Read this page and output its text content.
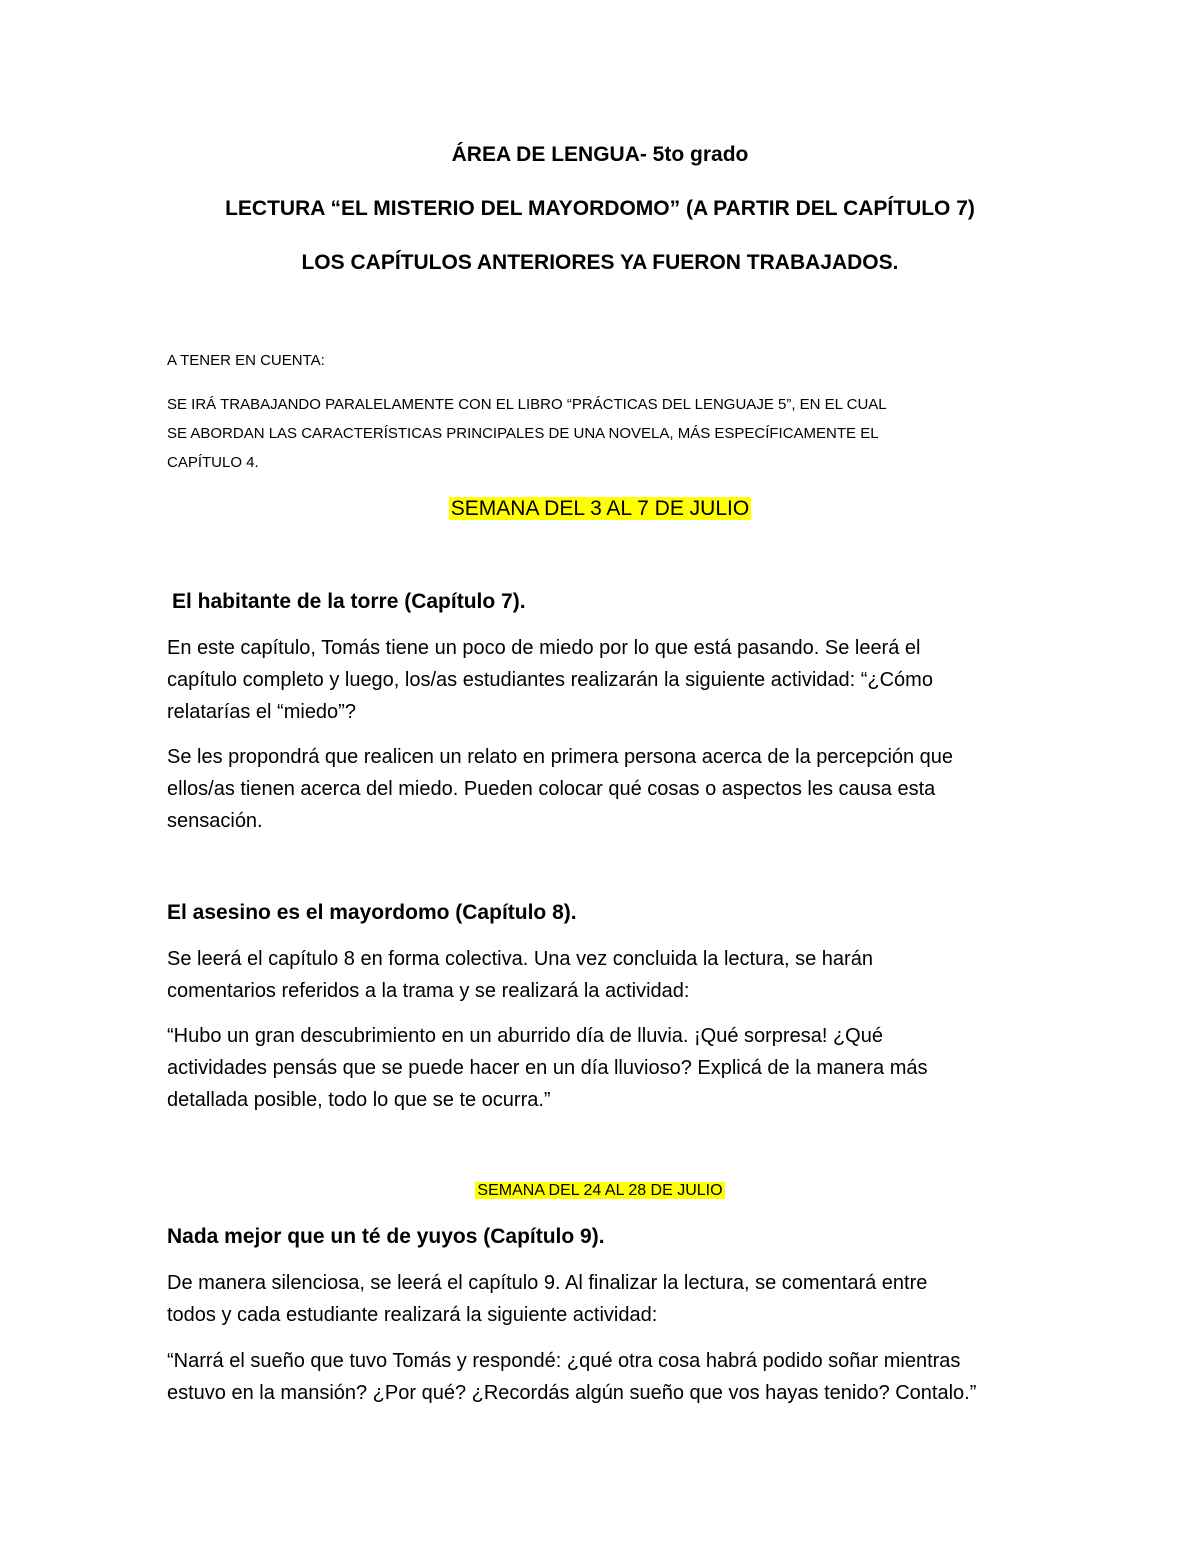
ÁREA DE LENGUA- 5to grado

LECTURA “EL MISTERIO DEL MAYORDOMO” (A PARTIR DEL CAPÍTULO 7)

LOS CAPÍTULOS ANTERIORES YA FUERON TRABAJADOS.

A TENER EN CUENTA:

SE IRÁ TRABAJANDO PARALELAMENTE CON EL LIBRO “PRÁCTICAS DEL LENGUAJE 5”, EN EL CUAL

SE ABORDAN LAS CARACTERÍSTICAS PRINCIPALES DE UNA NOVELA, MÁS ESPECÍFICAMENTE EL

CAPÍTULO 4.

SEMANA DEL 3 AL 7 DE JULIO

El habitante de la torre (Capítulo 7).

En este capítulo, Tomás tiene un poco de miedo por lo que está pasando. Se leerá el

capítulo completo y luego, los/as estudiantes realizarán la siguiente actividad: “¿Cómo

relatarías el “miedo”?

Se les propondrá que realicen un relato en primera persona acerca de la percepción que

ellos/as tienen acerca del miedo. Pueden colocar qué cosas o aspectos les causa esta

sensación.

El asesino es el mayordomo (Capítulo 8).

Se leerá el capítulo 8 en forma colectiva. Una vez concluida la lectura, se harán

comentarios referidos a la trama y se realizará la actividad:

“Hubo un gran descubrimiento en un aburrido día de lluvia. ¡Qué sorpresa! ¿Qué

actividades pensás que se puede hacer en un día lluvioso? Explicá de la manera más

detallada posible, todo lo que se te ocurra.”

SEMANA DEL 24 AL 28 DE JULIO

Nada mejor que un té de yuyos (Capítulo 9).

De manera silenciosa, se leerá el capítulo 9. Al finalizar la lectura, se comentará entre

todos y cada estudiante realizará la siguiente actividad:

“Narrá el sueño que tuvo Tomás y respondé: ¿qué otra cosa habrá podido soñar mientras

estuvo en la mansión? ¿Por qué? ¿Recordás algún sueño que vos hayas tenido? Contalo.”
